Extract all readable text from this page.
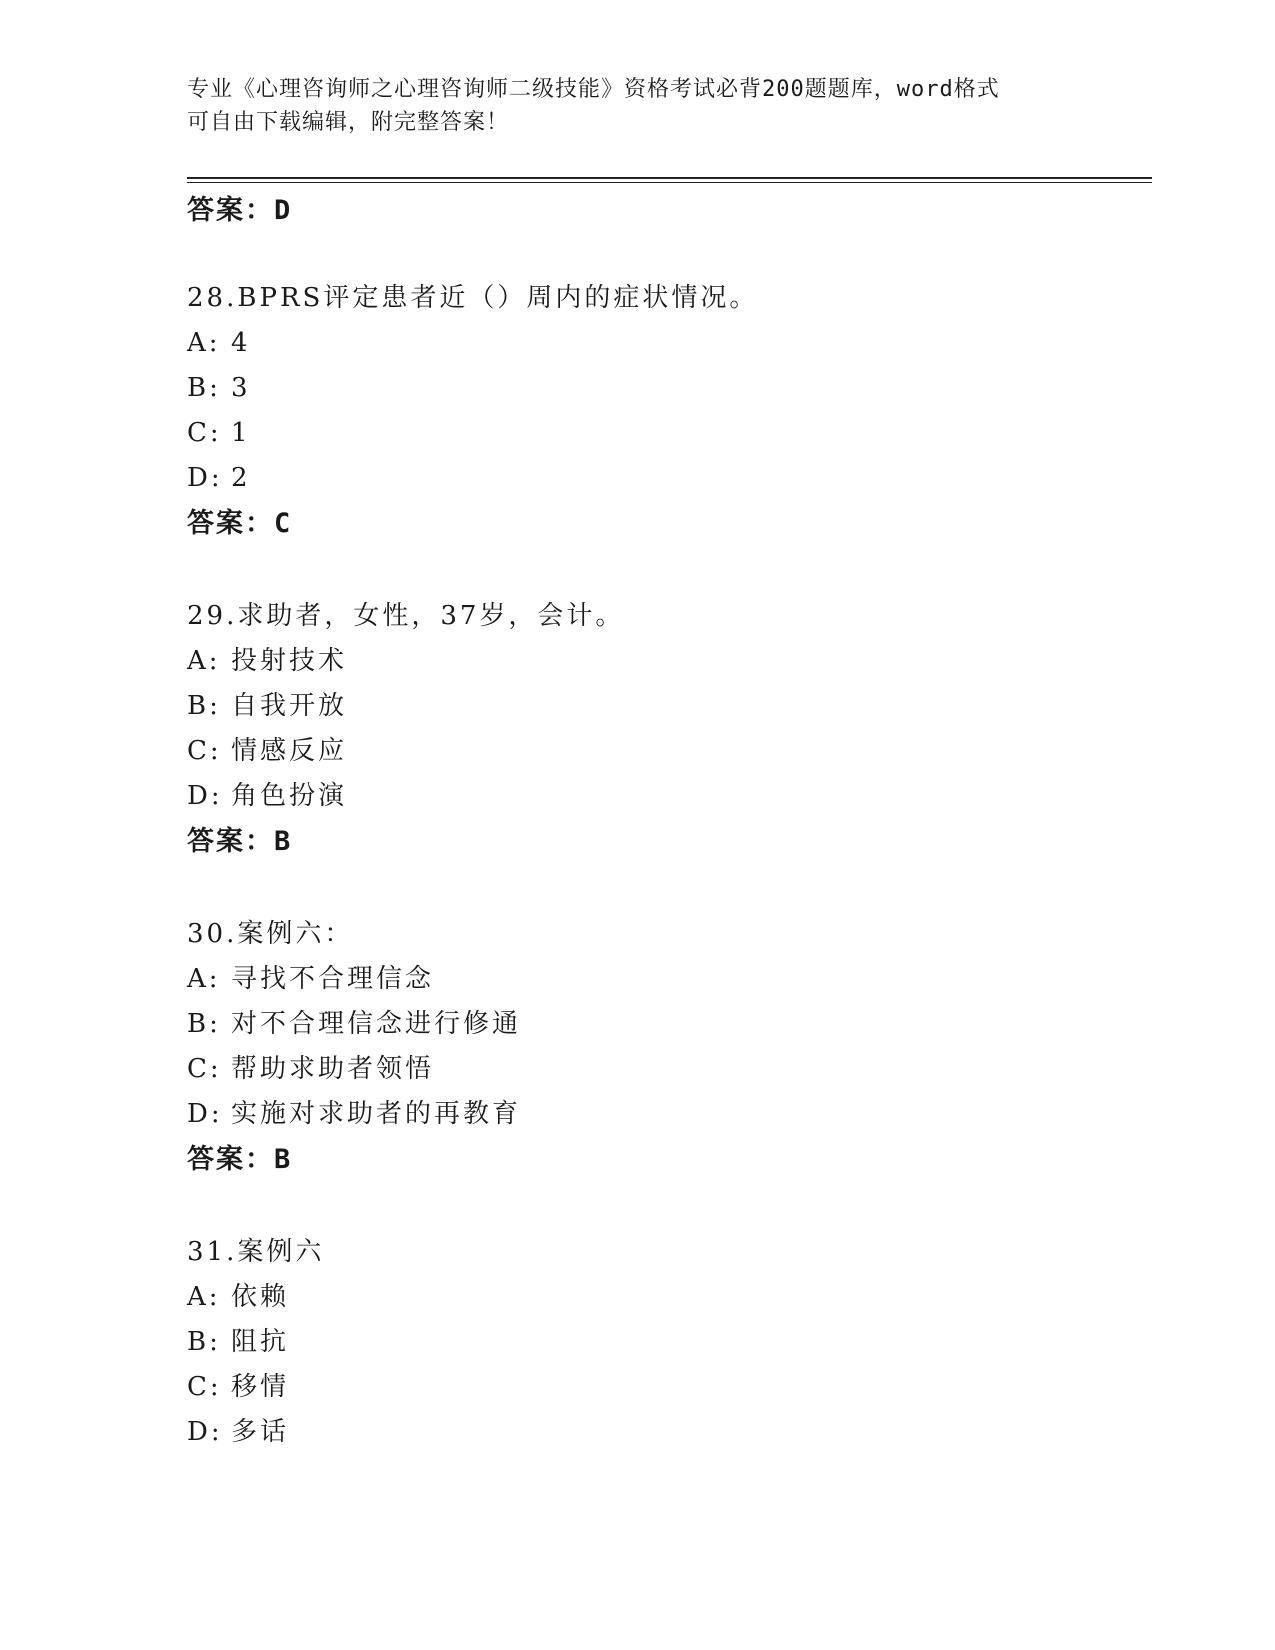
专业《心理咨询师之心理咨询师二级技能》资格考试必背200题题库，word格式
可自由下载编辑，附完整答案！
答案：D
28.BPRS评定患者近（）周内的症状情况。
A: 4
B: 3
C: 1
D: 2
答案：C
29.求助者，女性，37岁，会计。
A: 投射技术
B: 自我开放
C: 情感反应
D: 角色扮演
答案：B
30.案例六：
A: 寻找不合理信念
B: 对不合理信念进行修通
C: 帮助求助者领悟
D: 实施对求助者的再教育
答案：B
31.案例六
A: 依赖
B: 阻抗
C: 移情
D: 多话
